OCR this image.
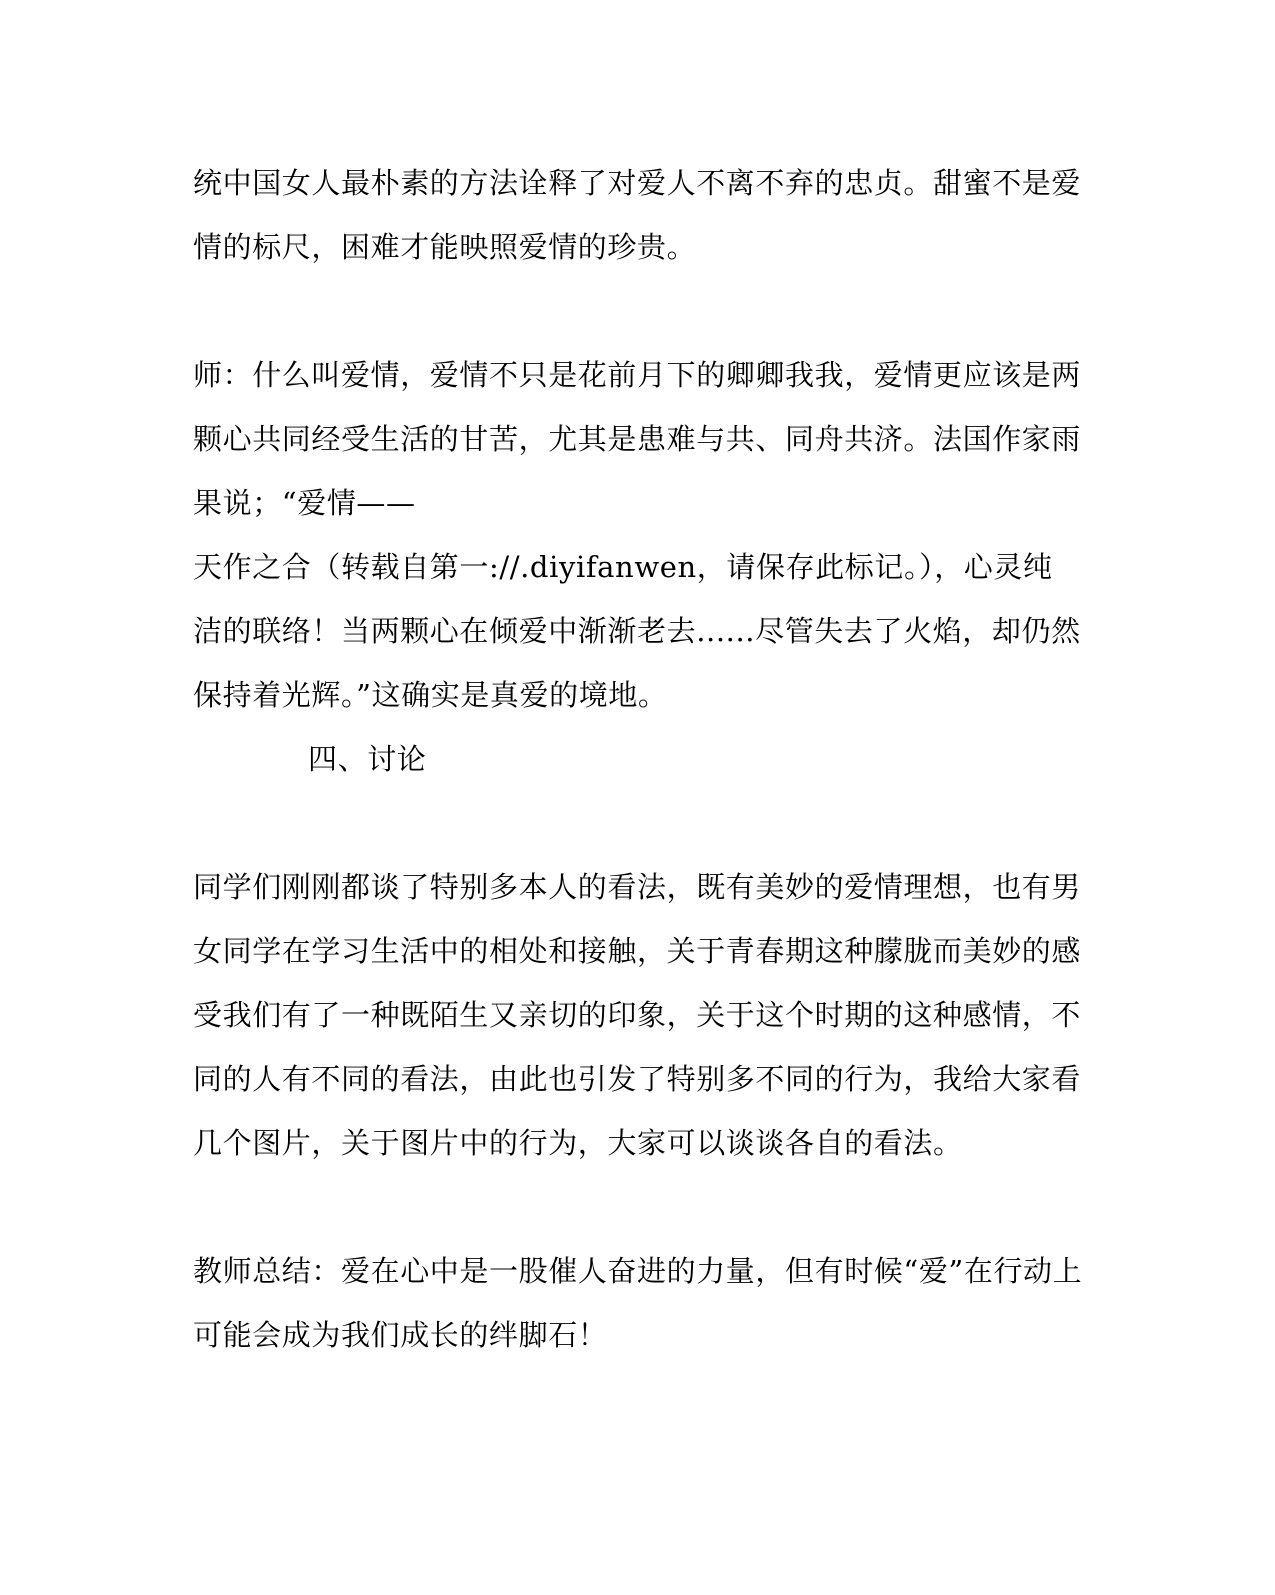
统中国女人最朴素的方法诠释了对爱人不离不弃的忠贞。甜蜜不是爱
情的标尺，困难才能映照爱情的珍贵。
师：什么叫爱情，爱情不只是花前月下的卿卿我我，爱情更应该是两
颗心共同经受生活的甘苦，尤其是患难与共、同舟共济。法国作家雨
果说；“爱情——
天作之合（转载自第一://.diyifanwen，请保存此标记。），心灵纯
洁的联络！当两颗心在倾爱中渐渐老去......尽管失去了火焰，却仍然
保持着光辉。”这确实是真爱的境地。
四、讨论
同学们刚刚都谈了特别多本人的看法，既有美妙的爱情理想，也有男
女同学在学习生活中的相处和接触，关于青春期这种朦胧而美妙的感
受我们有了一种既陌生又亲切的印象，关于这个时期的这种感情，不
同的人有不同的看法，由此也引发了特别多不同的行为，我给大家看
几个图片，关于图片中的行为，大家可以谈谈各自的看法。
教师总结：爱在心中是一股催人奋进的力量，但有时候“爱”在行动上
可能会成为我们成长的绊脚石！
